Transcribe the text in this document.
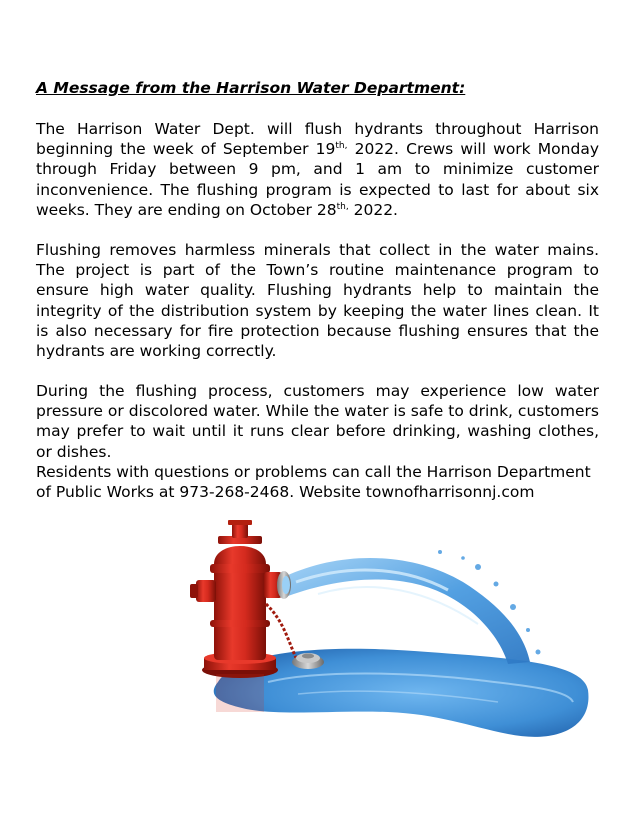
A Message from the Harrison Water Department:

The Harrison Water Dept. will flush hydrants throughout Harrison beginning the week of September $19^{th,}$ 2022. Crews will work Monday through Friday between 9 pm, and 1 am to minimize customer inconvenience. The flushing program is expected to last for about six weeks. They are ending on October $28^{th,}$ 2022.

Flushing removes harmless minerals that collect in the water mains. The project is part of the Town’s routine maintenance program to ensure high water quality. Flushing hydrants help to maintain the integrity of the distribution system by keeping the water lines clean. It is also necessary for fire protection because flushing ensures that the hydrants are working correctly.

During the flushing process, customers may experience low water pressure or discolored water. While the water is safe to drink, customers may prefer to wait until it runs clear before drinking, washing clothes, or dishes.

Residents with questions or problems can call the Harrison Department of Public Works at 973-268-2468. Website townofharrisonnj.com
